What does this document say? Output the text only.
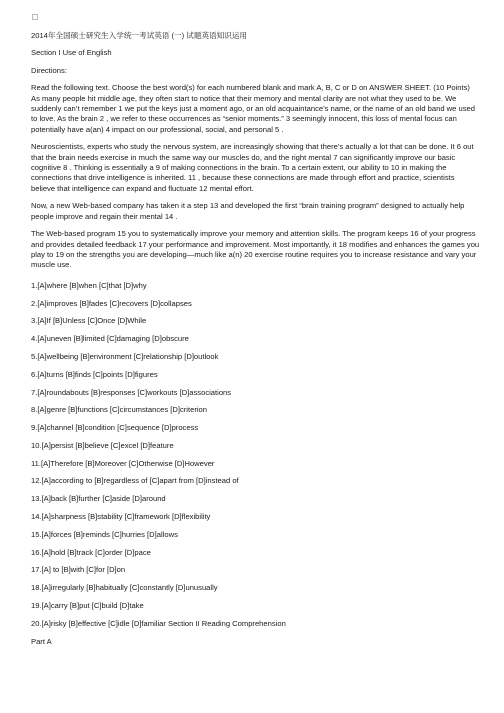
2014年全国硕士研究生入学统一考试英语 (一) 试题英语知识运用

Section I Use of English

Directions:

Read the following text. Choose the best word(s) for each numbered blank and mark A, B, C or D on ANSWER SHEET. (10 Points) As many people hit middle age, they often start to notice that their memory and mental clarity are not what they used to be. We suddenly can’t remember 1 we put the keys just a moment ago, or an old acquaintance’s name, or the name of an old band we used to love. As the brain 2 , we refer to these occurrences as “senior moments.” 3 seemingly innocent, this loss of mental focus can potentially have a(an) 4 impact on our professional, social, and personal 5 .

Neuroscientists, experts who study the nervous system, are increasingly showing that there’s actually a lot that can be done. It 6 out that the brain needs exercise in much the same way our muscles do, and the right mental 7 can significantly improve our basic cognitive 8 . Thinking is essentially a 9 of making connections in the brain. To a certain extent, our ability to 10 in making the connections that drive intelligence is inherited. 11 , because these connections are made through effort and practice, scientists believe that intelligence can expand and fluctuate 12 mental effort.

Now, a new Web-based company has taken it a step 13 and developed the first “brain training program” designed to actually help people improve and regain their mental 14 .

The Web-based program 15 you to systematically improve your memory and attention skills. The program keeps 16 of your progress and provides detailed feedback 17 your performance and improvement. Most importantly, it 18 modifies and enhances the games you play to 19 on the strengths you are developing—much like a(n) 20 exercise routine requires you to increase resistance and vary your muscle use.

1.[A]where [B]when [C]that [D]why

2.[A]improves [B]fades [C]recovers [D]collapses

3.[A]If [B]Unless [C]Once [D]While

4.[A]uneven [B]limited [C]damaging [D]obscure

5.[A]wellbeing [B]environment [C]relationship [D]outlook

6.[A]turns [B]finds [C]points [D]figures

7.[A]roundabouts [B]responses [C]workouts [D]associations

8.[A]genre [B]functions [C]circumstances [D]criterion

9.[A]channel [B]condition [C]sequence [D]process

10.[A]persist [B]believe [C]excel [D]feature

11.[A]Therefore [B]Moreover [C]Otherwise [D]However

12.[A]according to [B]regardless of [C]apart from [D]instead of

13.[A]back [B]further [C]aside [D]around

14.[A]sharpness [B]stability [C]framework [D]flexibility

15.[A]forces [B]reminds [C]hurries [D]allows

16.[A]hold [B]track [C]order [D]pace

17.[A] to [B]with [C]for [D]on

18.[A]irregularly [B]habitually [C]constantly [D]unusually

19.[A]carry [B]put [C]build [D]take

20.[A]risky [B]effective [C]idle [D]familiar Section II Reading Comprehension

Part A
